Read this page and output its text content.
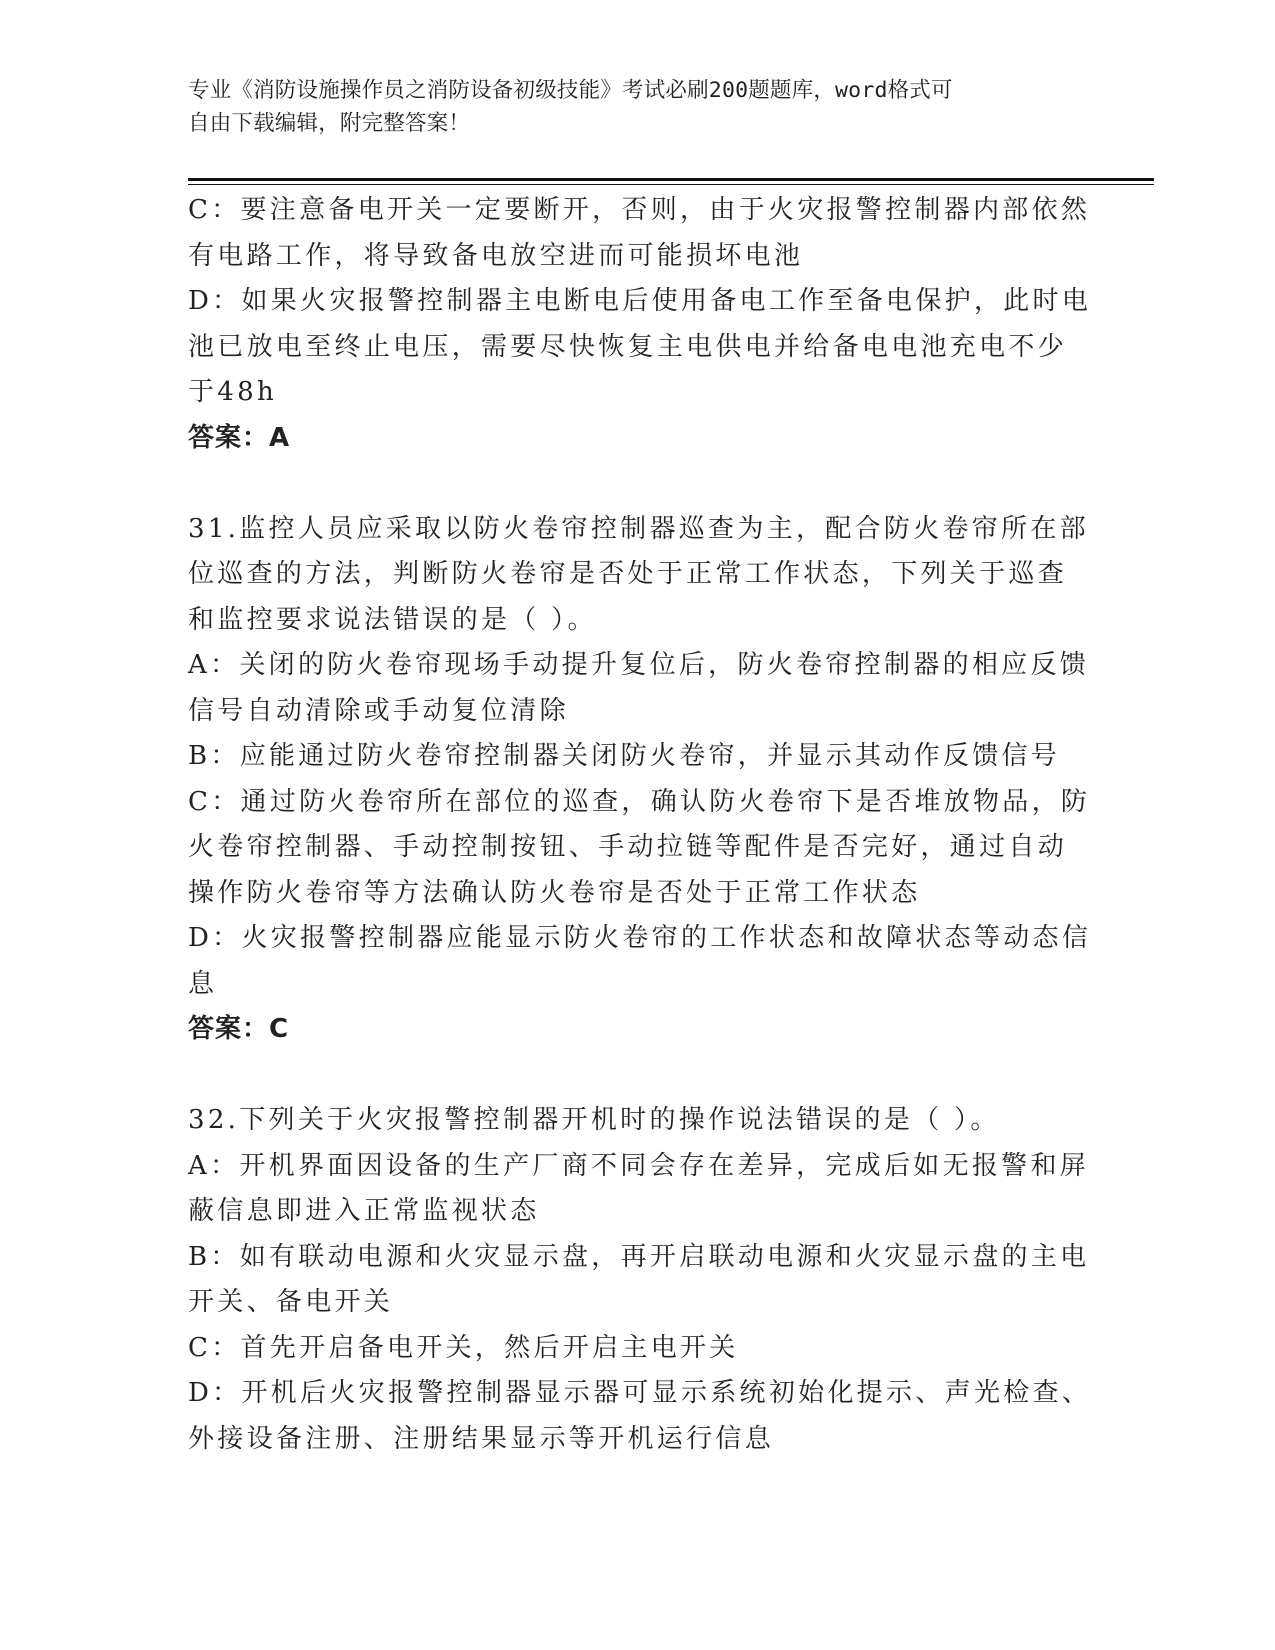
专业《消防设施操作员之消防设备初级技能》考试必刷200题题库，word格式可
自由下载编辑，附完整答案！
C：要注意备电开关一定要断开，否则，由于火灾报警控制器内部依然
有电路工作，将导致备电放空进而可能损坏电池
D：如果火灾报警控制器主电断电后使用备电工作至备电保护，此时电
池已放电至终止电压，需要尽快恢复主电供电并给备电电池充电不少
于48h
答案：A
31.监控人员应采取以防火卷帘控制器巡查为主，配合防火卷帘所在部
位巡查的方法，判断防火卷帘是否处于正常工作状态，下列关于巡查
和监控要求说法错误的是（ ）。
A：关闭的防火卷帘现场手动提升复位后，防火卷帘控制器的相应反馈
信号自动清除或手动复位清除
B：应能通过防火卷帘控制器关闭防火卷帘，并显示其动作反馈信号
C：通过防火卷帘所在部位的巡查，确认防火卷帘下是否堆放物品，防
火卷帘控制器、手动控制按钮、手动拉链等配件是否完好，通过自动
操作防火卷帘等方法确认防火卷帘是否处于正常工作状态
D：火灾报警控制器应能显示防火卷帘的工作状态和故障状态等动态信
息
答案：C
32.下列关于火灾报警控制器开机时的操作说法错误的是（ ）。
A：开机界面因设备的生产厂商不同会存在差异，完成后如无报警和屏
蔽信息即进入正常监视状态
B：如有联动电源和火灾显示盘，再开启联动电源和火灾显示盘的主电
开关、备电开关
C：首先开启备电开关，然后开启主电开关
D：开机后火灾报警控制器显示器可显示系统初始化提示、声光检查、
外接设备注册、注册结果显示等开机运行信息
